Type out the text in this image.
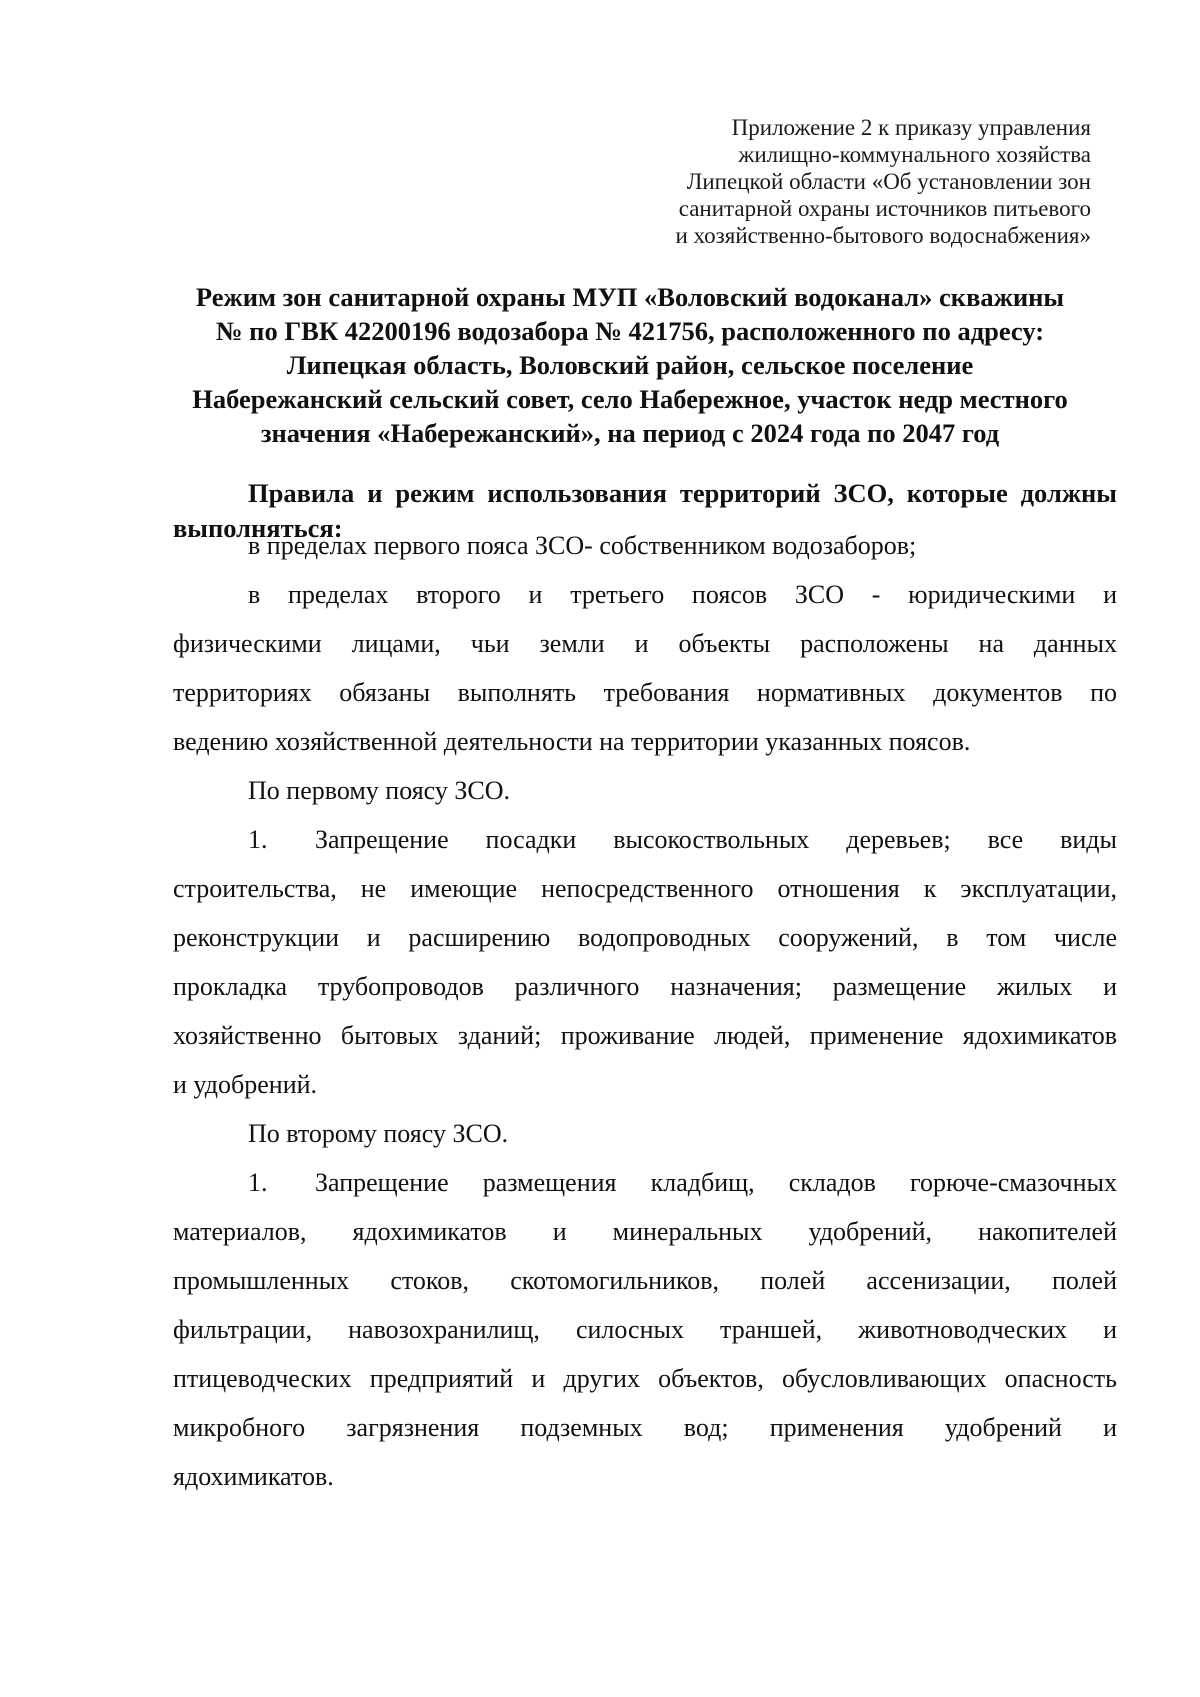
Приложение 2 к приказу управления
жилищно-коммунального хозяйства
Липецкой области «Об установлении зон
санитарной охраны источников питьевого
и хозяйственно-бытового водоснабжения»
Режим зон санитарной охраны МУП «Воловский водоканал» скважины
№ по ГВК 42200196 водозабора № 421756, расположенного по адресу:
Липецкая область, Воловский район, сельское поселение
Набережанский сельский совет, село Набережное, участок недр местного
значения «Набережанский», на период с 2024 года по 2047 год
Правила и режим использования территорий ЗСО, которые должны
выполняться:
в пределах первого пояса ЗСО- собственником водозаборов;
в пределах второго и третьего поясов ЗСО - юридическими и
физическими лицами, чьи земли и объекты расположены на данных
территориях обязаны выполнять требования нормативных документов по
ведению хозяйственной деятельности на территории указанных поясов.
По первому поясу ЗСО.
1. Запрещение посадки высокоствольных деревьев; все виды
строительства, не имеющие непосредственного отношения к эксплуатации,
реконструкции и расширению водопроводных сооружений, в том числе
прокладка трубопроводов различного назначения; размещение жилых и
хозяйственно бытовых зданий; проживание людей, применение ядохимикатов
и удобрений.
По второму поясу ЗСО.
1. Запрещение размещения кладбищ, складов горюче-смазочных
материалов, ядохимикатов и минеральных удобрений, накопителей
промышленных стоков, скотомогильников, полей ассенизации, полей
фильтрации, навозохранилищ, силосных траншей, животноводческих и
птицеводческих предприятий и других объектов, обусловливающих опасность
микробного загрязнения подземных вод; применения удобрений и
ядохимикатов.
